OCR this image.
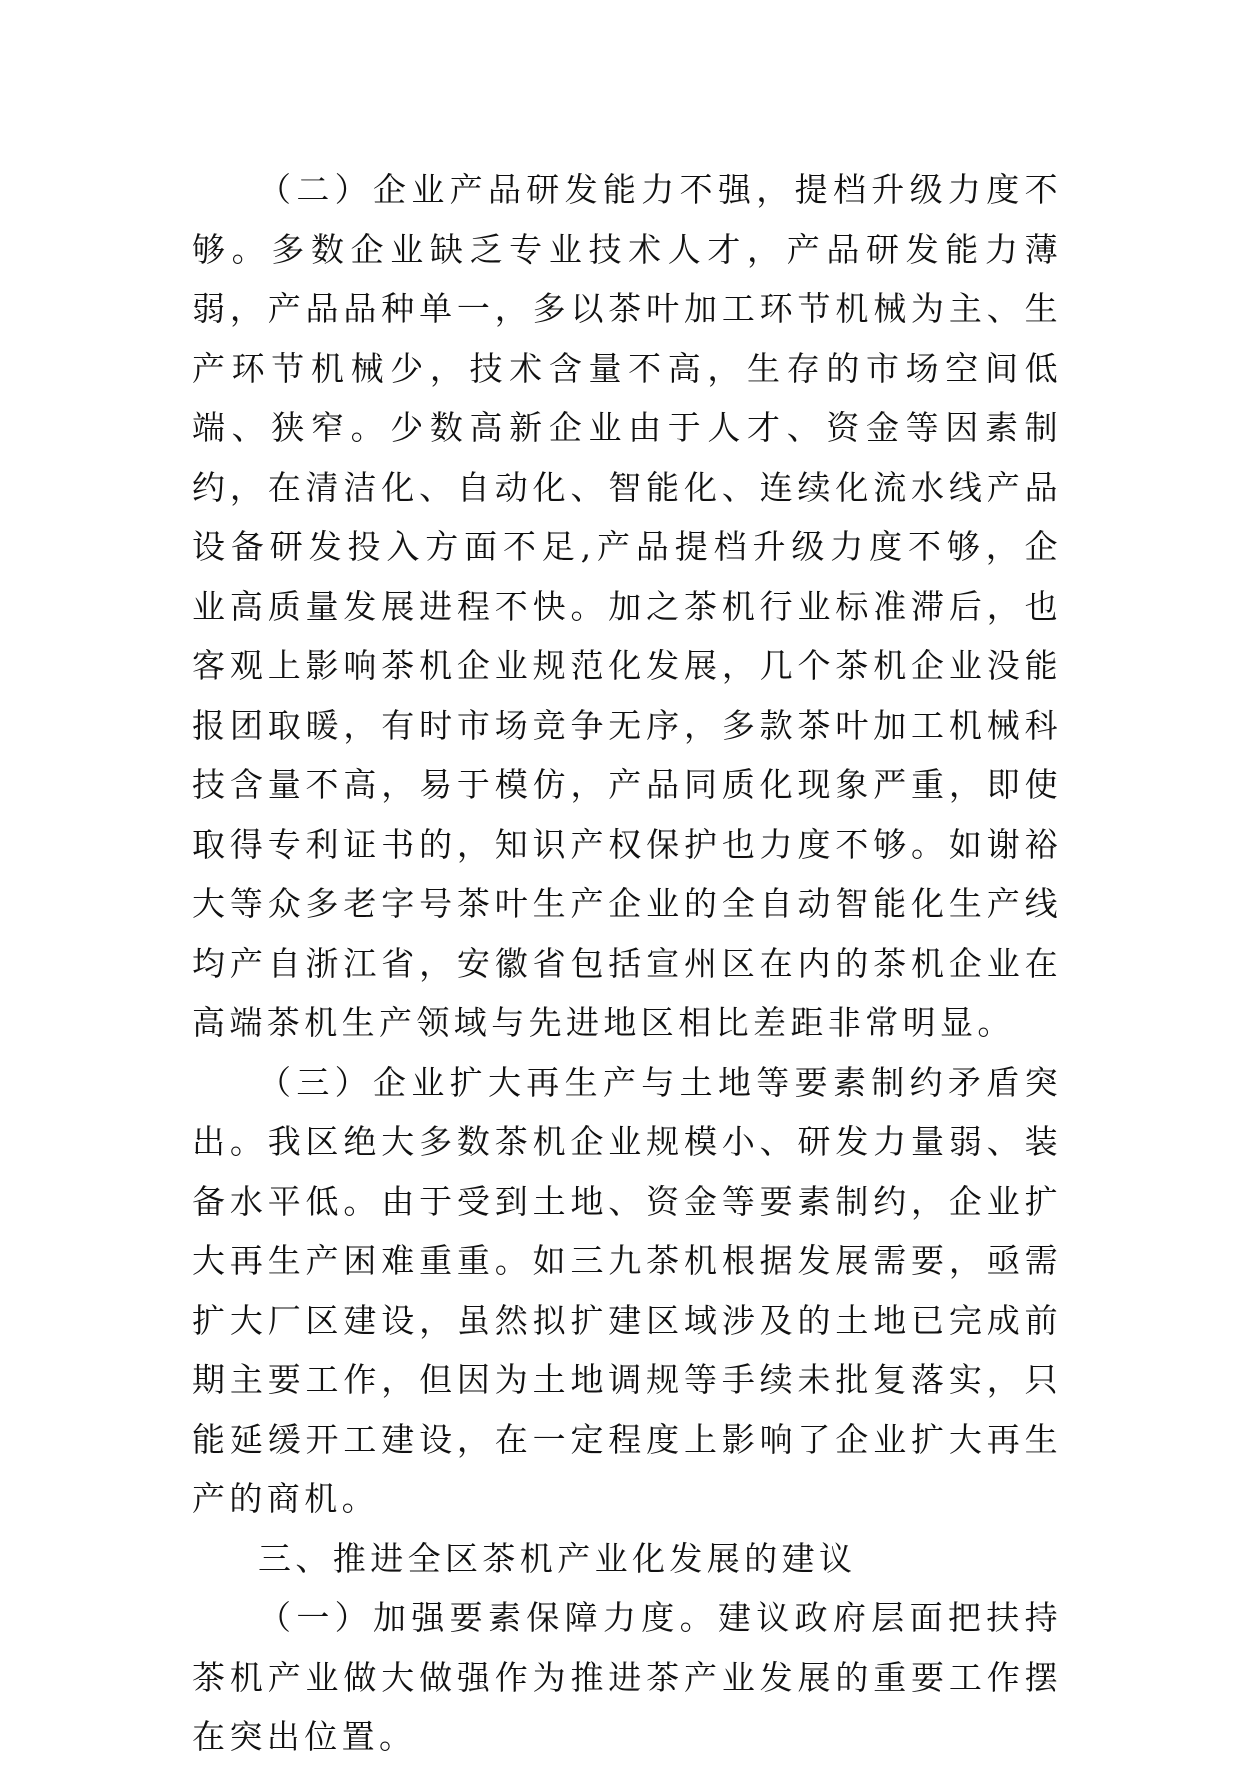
（二）企业产品研发能力不强，提档升级力度不够。多数企业缺乏专业技术人才，产品研发能力薄弱，产品品种单一，多以茶叶加工环节机械为主、生产环节机械少，技术含量不高，生存的市场空间低端、狭窄。少数高新企业由于人才、资金等因素制约，在清洁化、自动化、智能化、连续化流水线产品设备研发投入方面不足,产品提档升级力度不够，企业高质量发展进程不快。加之茶机行业标准滞后，也客观上影响茶机企业规范化发展，几个茶机企业没能报团取暖，有时市场竞争无序，多款茶叶加工机械科技含量不高，易于模仿，产品同质化现象严重，即使取得专利证书的，知识产权保护也力度不够。如谢裕大等众多老字号茶叶生产企业的全自动智能化生产线均产自浙江省，安徽省包括宣州区在内的茶机企业在高端茶机生产领域与先进地区相比差距非常明显。

（三）企业扩大再生产与土地等要素制约矛盾突出。我区绝大多数茶机企业规模小、研发力量弱、装备水平低。由于受到土地、资金等要素制约，企业扩大再生产困难重重。如三九茶机根据发展需要，亟需扩大厂区建设，虽然拟扩建区域涉及的土地已完成前期主要工作，但因为土地调规等手续未批复落实，只能延缓开工建设，在一定程度上影响了企业扩大再生产的商机。

三、推进全区茶机产业化发展的建议

（一）加强要素保障力度。建议政府层面把扶持茶机产业做大做强作为推进茶产业发展的重要工作摆在突出位置。
